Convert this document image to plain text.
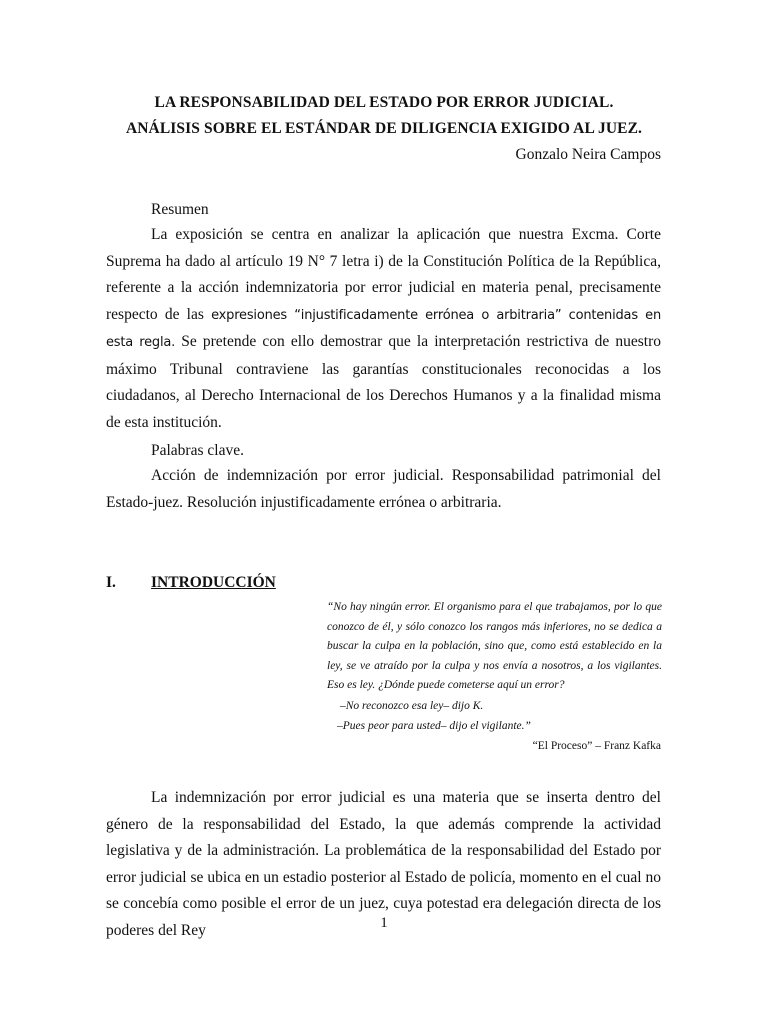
LA RESPONSABILIDAD DEL ESTADO POR ERROR JUDICIAL.
ANÁLISIS SOBRE EL ESTÁNDAR DE DILIGENCIA EXIGIDO AL JUEZ.
Gonzalo Neira Campos
Resumen

La exposición se centra en analizar la aplicación que nuestra Excma. Corte Suprema ha dado al artículo 19 N° 7 letra i) de la Constitución Política de la República, referente a la acción indemnizatoria por error judicial en materia penal, precisamente respecto de las expresiones “injustificadamente errónea o arbitraria” contenidas en esta regla. Se pretende con ello demostrar que la interpretación restrictiva de nuestro máximo Tribunal contraviene las garantías constitucionales reconocidas a los ciudadanos, al Derecho Internacional de los Derechos Humanos y a la finalidad misma de esta institución.

Palabras clave.

Acción de indemnización por error judicial. Responsabilidad patrimonial del Estado-juez. Resolución injustificadamente errónea o arbitraria.

I. INTRODUCCIÓN

“No hay ningún error. El organismo para el que trabajamos, por lo que conozco de él, y sólo conozco los rangos más inferiores, no se dedica a buscar la culpa en la población, sino que, como está establecido en la ley, se ve atraído por la culpa y nos envía a nosotros, a los vigilantes. Eso es ley. ¿Dónde puede cometerse aquí un error?

–No reconozco esa ley– dijo K.
–Pues peor para usted– dijo el vigilante.”
“El Proceso” – Franz Kafka

La indemnización por error judicial es una materia que se inserta dentro del género de la responsabilidad del Estado, la que además comprende la actividad legislativa y de la administración. La problemática de la responsabilidad del Estado por error judicial se ubica en un estadio posterior al Estado de policía, momento en el cual no se concebía como posible el error de un juez, cuya potestad era delegación directa de los poderes del Rey	1
